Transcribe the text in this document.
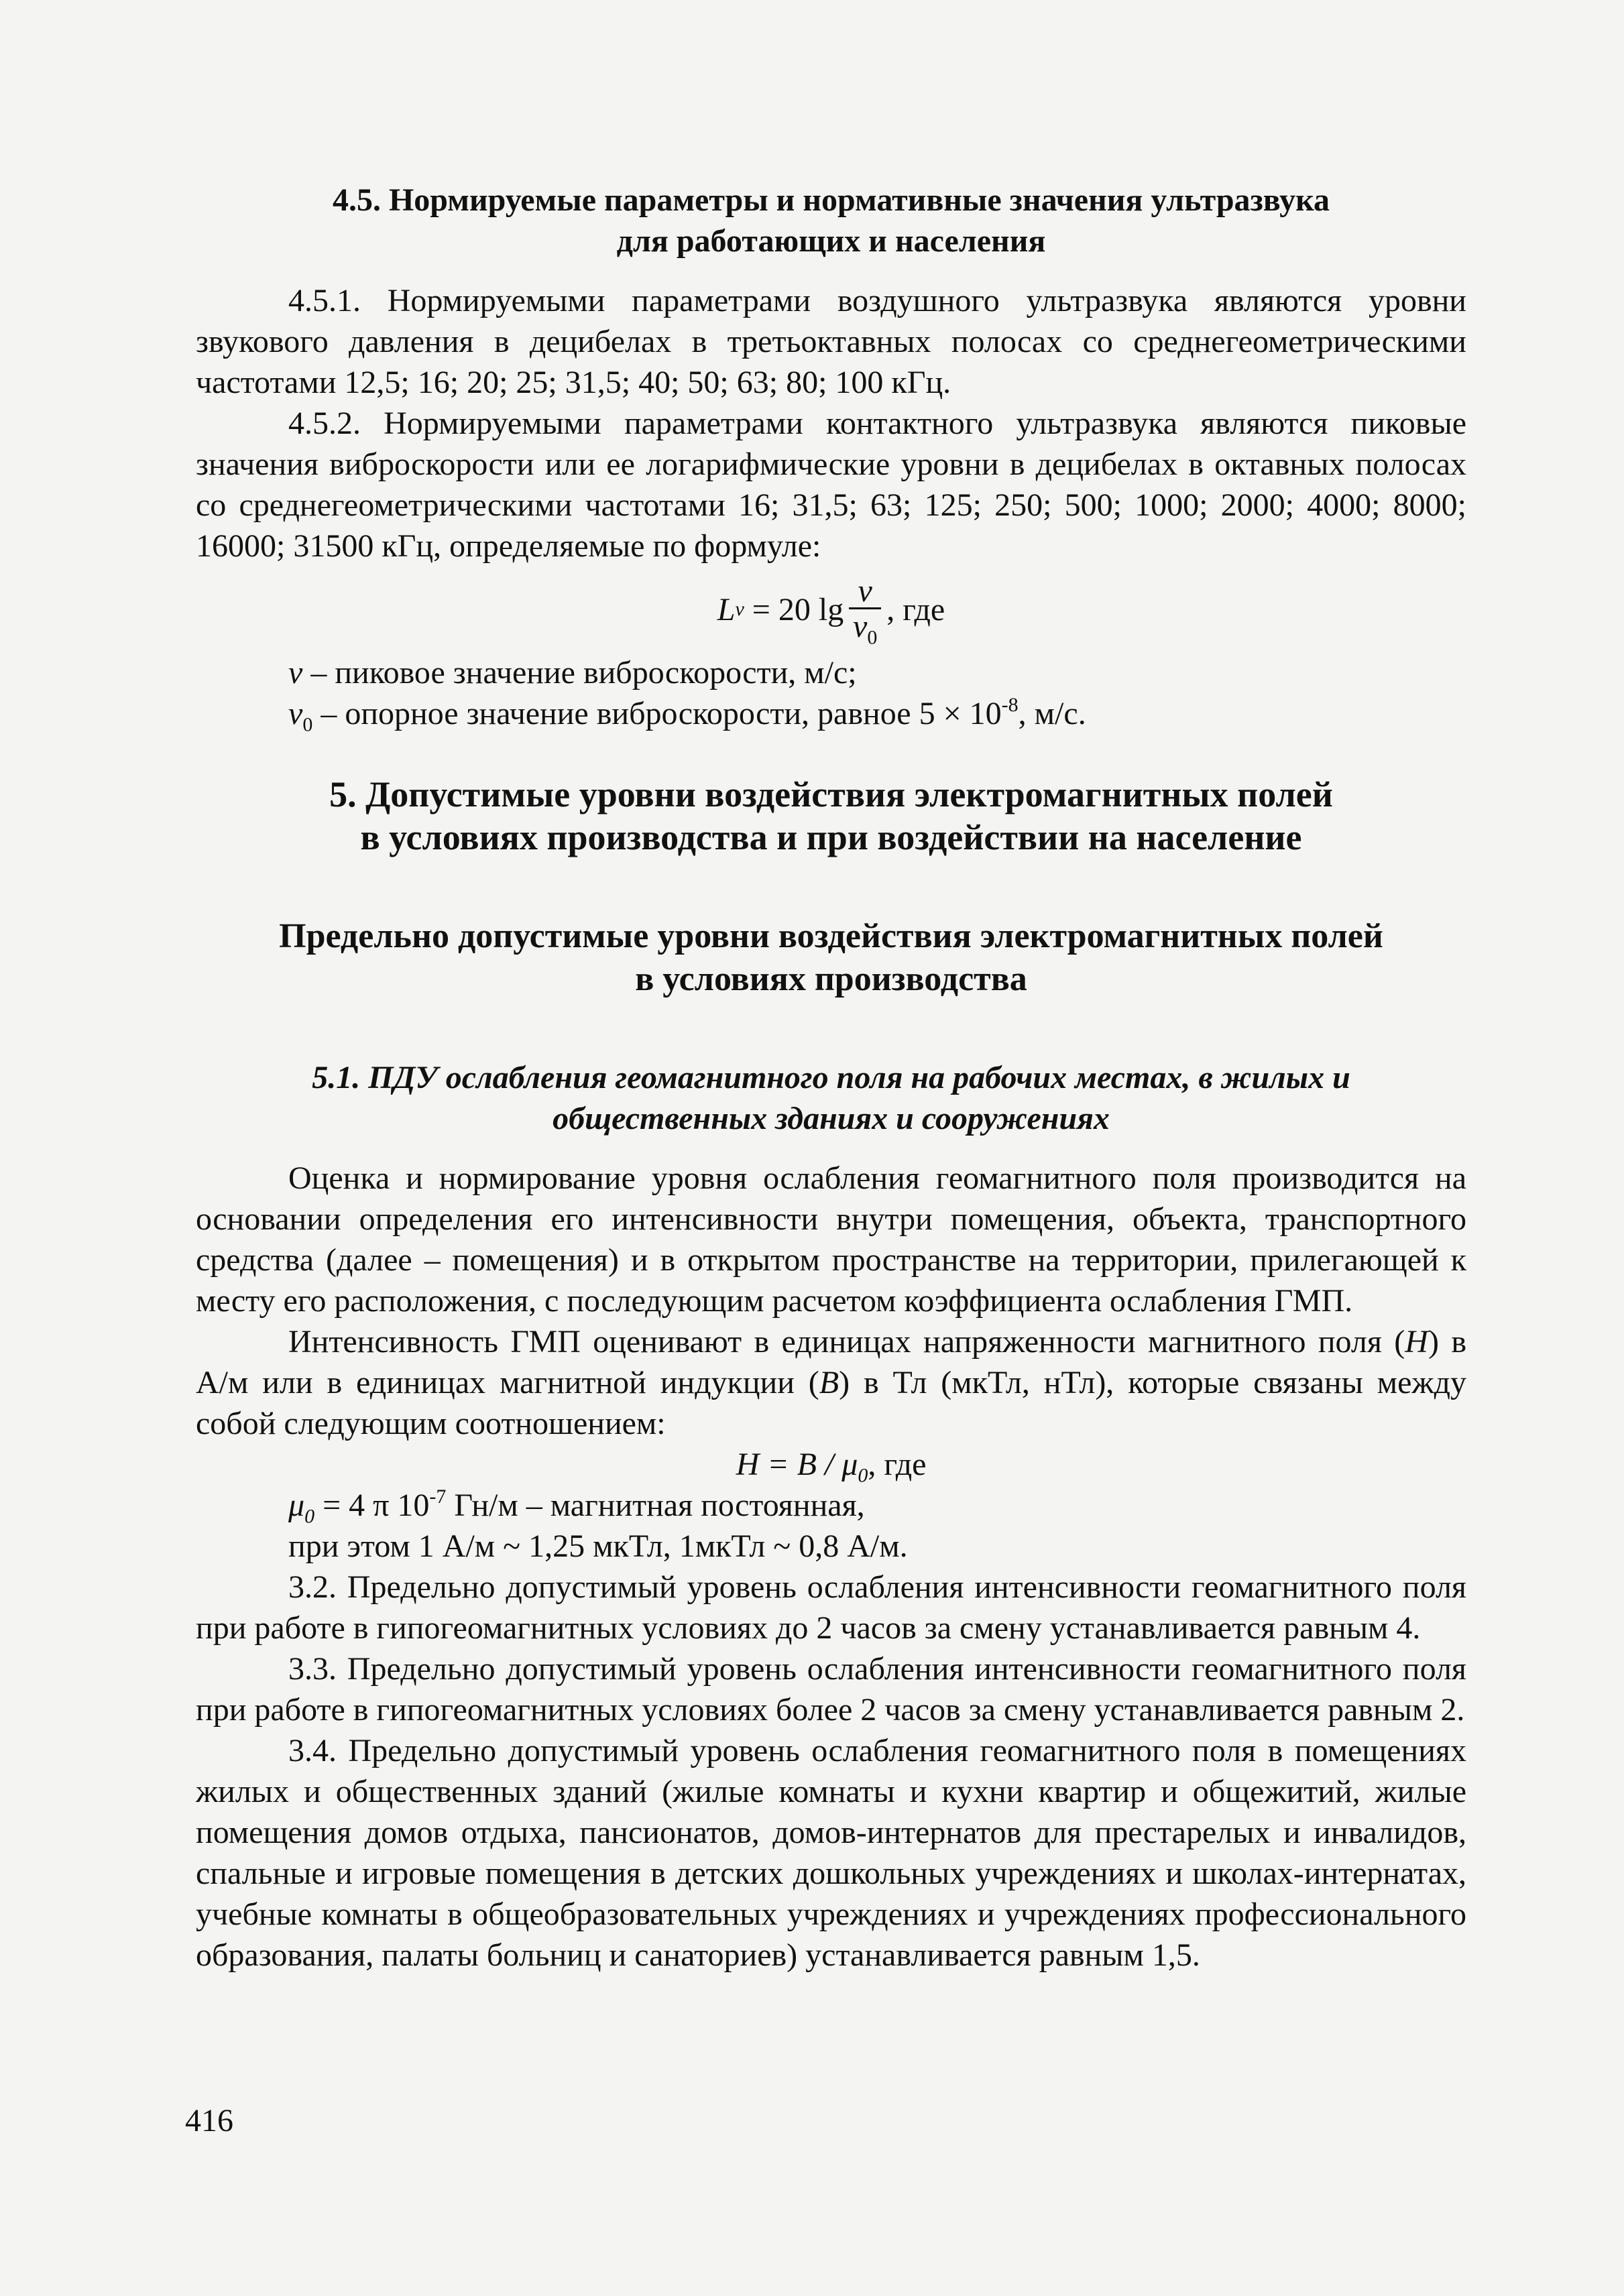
4.5. Нормируемые параметры и нормативные значения ультразвука
для работающих и населения

4.5.1. Нормируемыми параметрами воздушного ультразвука являются уровни звукового давления в децибелах в третьоктавных полосах со среднегеометрическими частотами 12,5; 16; 20; 25; 31,5; 40; 50; 63; 80; 100 кГц.

4.5.2. Нормируемыми параметрами контактного ультразвука являются пиковые значения виброскорости или ее логарифмические уровни в децибелах в октавных полосах со среднегеометрическими частотами 16; 31,5; 63; 125; 250; 500; 1000; 2000; 4000; 8000; 16000; 31500 кГц, определяемые по формуле:

L v = 20 $\lg \frac{v}{v_0}$ , где

v – пиковое значение виброскорости, м/с;

$v_0$ – опорное значение виброскорости, равное $5 \times 10^{-8}$, м/с.

5. Допустимые уровни воздействия электромагнитных полей
в условиях производства и при воздействии на население
Предельно допустимые уровни воздействия электромагнитных полей
в условиях производства
5.1. ПДУ ослабления геомагнитного поля на рабочих местах, в жилых и
общественных зданиях и сооружениях

Оценка и нормирование уровня ослабления геомагнитного поля производится на основании определения его интенсивности внутри помещения, объекта, транспортного средства (далее – помещения) и в открытом пространстве на территории, прилегающей к месту его расположения, с последующим расчетом коэффициента ослабления ГМП.

Интенсивность ГМП оценивают в единицах напряженности магнитного поля (H) в А/м или в единицах магнитной индукции (B) в Тл (мкТл, нТл), которые связаны между собой следующим соотношением:

$H = B / \mu_0$, где

$\mu_0 = 4$ π $10^{-7}$ Гн/м – магнитная постоянная,

при этом 1 А/м ~ 1,25 мкТл, 1мкТл ~ 0,8 А/м.

3.2. Предельно допустимый уровень ослабления интенсивности геомагнитного поля при работе в гипогеомагнитных условиях до 2 часов за смену устанавливается равным 4.

3.3. Предельно допустимый уровень ослабления интенсивности геомагнитного поля при работе в гипогеомагнитных условиях более 2 часов за смену устанавливается равным 2.

3.4. Предельно допустимый уровень ослабления геомагнитного поля в помещениях жилых и общественных зданий (жилые комнаты и кухни квартир и общежитий, жилые помещения домов отдыха, пансионатов, домов-интернатов для престарелых и инвалидов, спальные и игровые помещения в детских дошкольных учреждениях и школах-интернатах, учебные комнаты в общеобразовательных учреждениях и учреждениях профессионального образования, палаты больниц и санаториев) устанавливается равным 1,5.

416
